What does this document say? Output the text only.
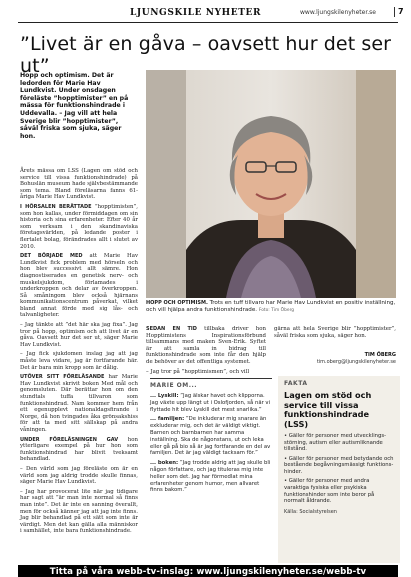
LJUNGSKILE NYHETER	www.ljungskilenyheter.se	7
”Livet är en gåva – oavsett hur det ser ut”
Hopp och optimism. Det är ledorden för Marie Hav Lundkvist. Under onsdagen föreläste ”hopptimister” en på mässa för funktionshindrade i Uddevalla. – Jag vill att hela Sverige blir ”hopptimister”, såväl friska som sjuka, säger hon.

Årets mässa om LSS (Lagen om stöd och service till vissa funktionshindrade) på Bohuslän museum hade självbestämmande som tema. Bland föreläsarna fanns 61-åriga Marie Hav Lundkvist.

I HÖRSALEN BERÄTTADE ”hopptimisten”, som hon kallas, under förmiddagen om sin historia och sina erfarenheter. Efter 40 år som verksam i den skandinaviska företagsvärlden, på ledande poster i flertalet bolag, förändrades allt i slutet av 2010.

DET BÖRJADE MED att Marie Hav Lundkvist fick problem med hörseln och hon blev successivt allt sämre. Hon diagnostiserades en genetisk nerv- och muskelsjukdom, förlamades i underkroppen och delar av överkroppen. Så småningom blev också hjärnans kommunikationscentrum påverkat, vilket bland annat förde med sig lås- och talvanligheter.

– Jag tänkte att ”det här ska jag fixa”. Jag tror på hopp, optimism och att livet är en gåva. Oavsett hur det ser ut, säger Marie Hav Lundkvist.

– Jag fick sjukdomen inslag jag att jag måste leva vidare, jag är fortfarande här. Det är bara min kropp som är dålig.

UTÖVER SITT FÖRELÄSANDE har Marie Hav Lundkvist skrivit boken Med mål och genomsluten. Där berättar hon om den stundtals tuffa tillvaron som funktionshindrad. Nam kommer hem från ett egenupplevt nationaldagsfirande i Norge, då hon tvingades åka grönsakshiss för att ta med sitt sällskap på andra våningen.

UNDER FÖRELÄSNINGEN GAV hon ytterligare exempel på hur hon som funktionshindrad har blivit tveksamt behandlad.

– Den värld som jag föreläste om är en värld som jag aldrig trodde skulle finnas, säger Marie Hav Lundkvist.

– Jag har provocerat lite när jag tidigare har sagt att ”är man inte normal så finns man inte”. Det är inte en sanning överallt, men för också känner jag att jag inte finns. Jag blir behandlad på ett sätt som inte är värdigt. Men det kan gälla alla människor i samhället, inte bara funktionshindrade.

HOPP OCH OPTIMISM. Trots en tuff tillvaro har Marie Hav Lundkvist en positiv inställning, och vill hjälpa andra funktionshindrade. Foto: Tim Öberg

SEDAN EN TID tillbaka driver hon Hopptimistens Inspirationsförbund tillsammans med maken Sven-Erik. Syftet är att samla in bidrag till funktionshindrade som inte får den hjälp de behöver av det offentliga systemet.

– Jag tror på ”hopptimismen”, och vill

gärna att hela Sverige blir ”hopptimister”, såväl friska som sjuka, säger hon.

TIM ÖBERG
tim.oberg@ljungskilenyheter.se
MARIE OM...
... Lyskill: ”Jag älskar havet och klipporna. Jag växte upp längt ut i Oslofjorden, så när vi flyttade hit blev Lyskill det mest snarlika.”
... familjen: ”De inkluderar mig snarare än exkluderar mig, och det är väldigt viktigt. Barnen och barnbarnen har samma inställning. Ska de någonstans, ut och leka eller gå på bio så är jag fortfarande en del av familjen. Det är jag väldigt tacksam för.”
... boken: ”Jag trodde aldrig att jag skulle bli någon författare, och jag tituleras mig inte heller som det. Jag har förmedlat mina erfarenheter genom humor, men allvaret finns bakom.”
FAKTA
Lagen om stöd och service till vissa funktionshindrade (LSS)
• Gäller för personer med utvecklingsstörning, autism eller autismliknande tillstånd.
• Gäller för personer med betydande och bestående begåvningsmässigt funktionshinder.
• Gäller för personer med andra varaktiga fysiska eller psykiska funktionshinder som inte beror på normalt åldrande.
Källa: Socialstyrelsen
Titta på våra webb-tv-inslag: www.ljungskilenyheter.se/webb-tv
